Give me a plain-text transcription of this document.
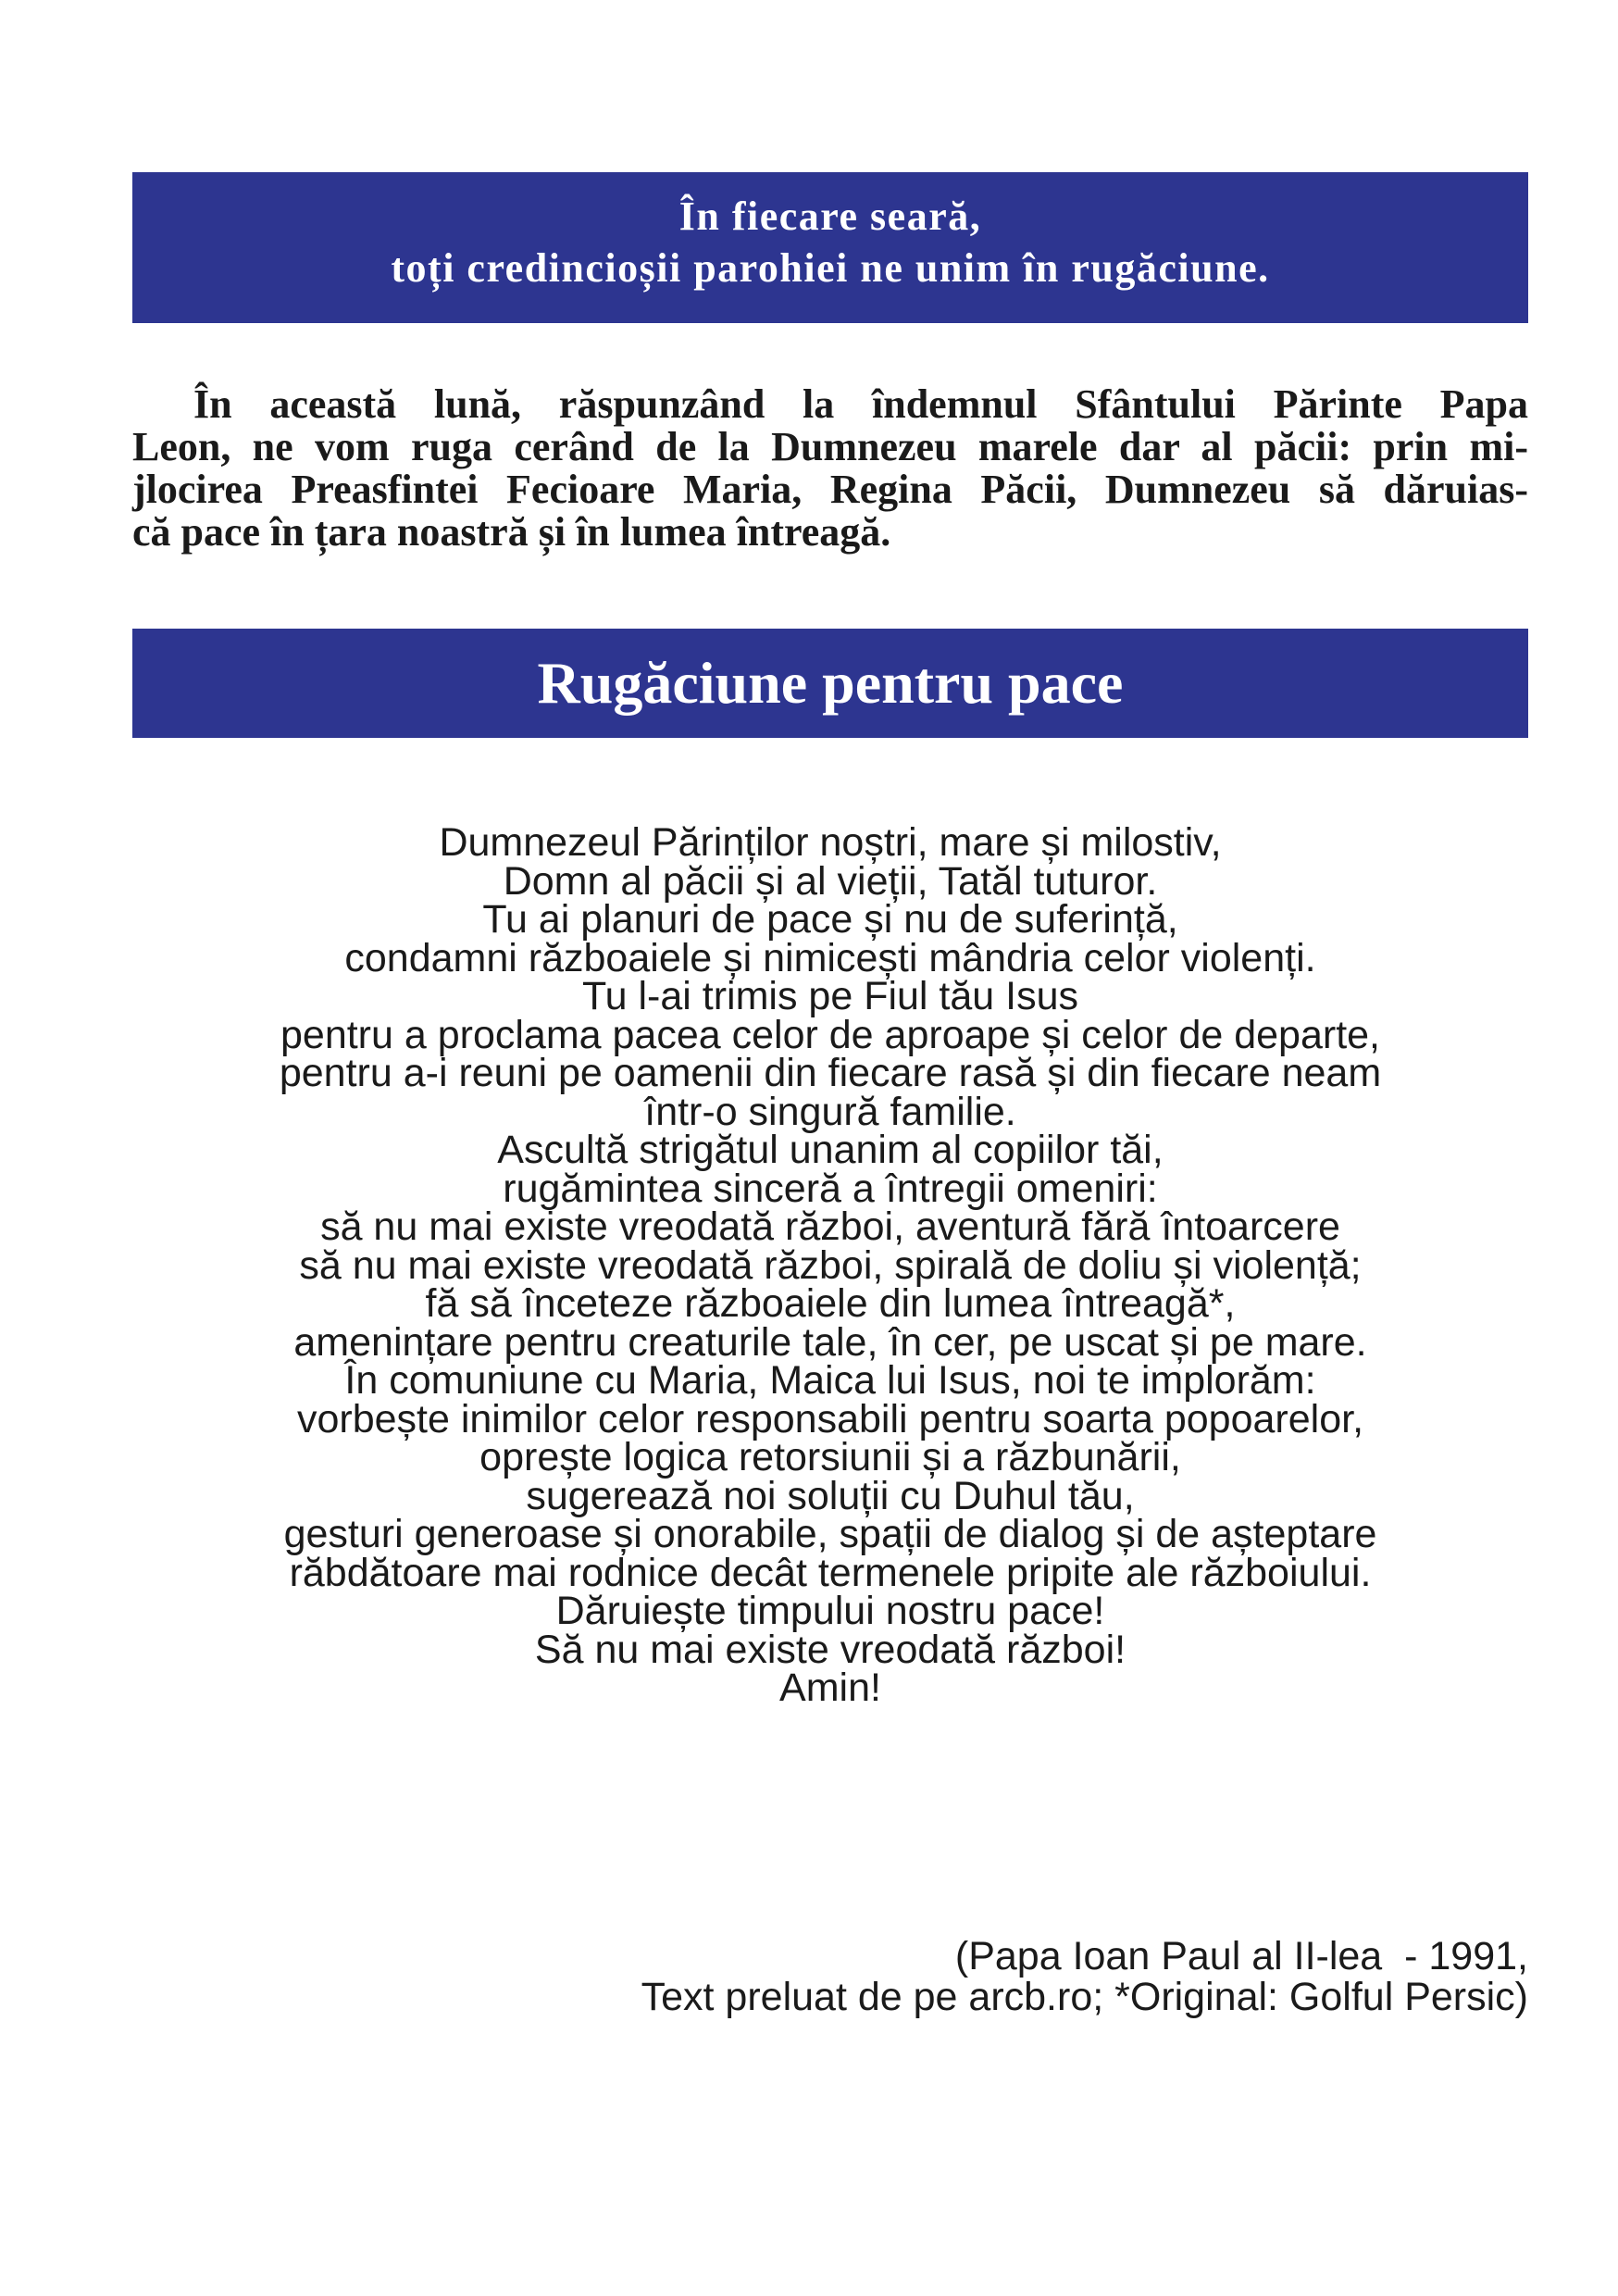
În fiecare seară,
toți credincioșii parohiei ne unim în rugăciune.
În această lună, răspunzând la îndemnul Sfântului Părinte Papa
Leon, ne vom ruga cerând de la Dumnezeu marele dar al păcii: prin mi-
jlocirea Preasfintei Fecioare Maria, Regina Păcii, Dumnezeu să dăruias-
că pace în țara noastră și în lumea întreagă.
Rugăciune pentru pace
Dumnezeul Părinților noștri, mare și milostiv,
Domn al păcii și al vieții, Tatăl tuturor.
Tu ai planuri de pace și nu de suferință,
condamni războaiele și nimicești mândria celor violenți.
Tu l-ai trimis pe Fiul tău Isus
pentru a proclama pacea celor de aproape și celor de departe,
pentru a-i reuni pe oamenii din fiecare rasă și din fiecare neam
într-o singură familie.
Ascultă strigătul unanim al copiilor tăi,
rugămintea sinceră a întregii omeniri:
să nu mai existe vreodată război, aventură fără întoarcere
să nu mai existe vreodată război, spirală de doliu și violență;
fă să înceteze războaiele din lumea întreagă*,
amenințare pentru creaturile tale, în cer, pe uscat și pe mare.
În comuniune cu Maria, Maica lui Isus, noi te implorăm:
vorbește inimilor celor responsabili pentru soarta popoarelor,
oprește logica retorsiunii și a răzbunării,
sugerează noi soluții cu Duhul tău,
gesturi generoase și onorabile, spații de dialog și de așteptare
răbdătoare mai rodnice decât termenele pripite ale războiului.
Dăruiește timpului nostru pace!
Să nu mai existe vreodată război!
Amin!
(Papa Ioan Paul al II-lea  - 1991,
Text preluat de pe arcb.ro; *Original: Golful Persic)
